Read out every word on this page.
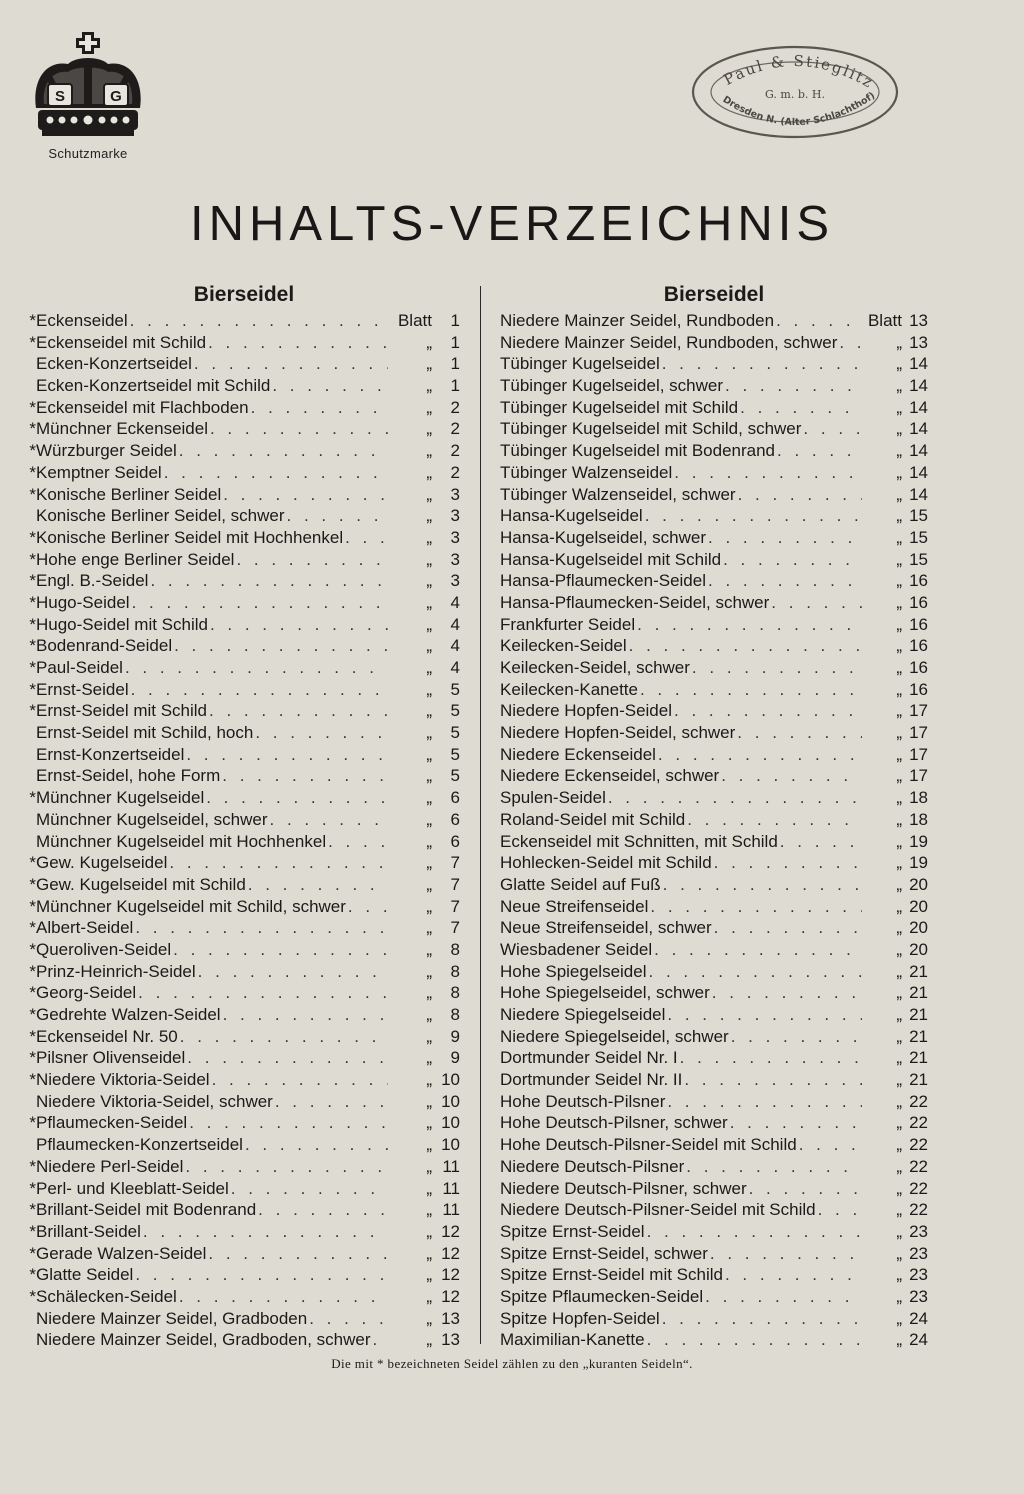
S	G
Schutzmarke
Paul & Stieglitz
G. m. b. H.
Dresden N. (Alter Schlachthof)
INHALTS-VERZEICHNIS
Bierseidel
*Eckenseidel . . .	Blatt	1
*Eckenseidel mit Schild . . .	„	1
Ecken-Konzertseidel . . .	„	1
Ecken-Konzertseidel mit Schild . . .	„	1
*Eckenseidel mit Flachboden . . .	„	2
*Münchner Eckenseidel . . .	„	2
*Würzburger Seidel . . .	„	2
*Kemptner Seidel . . .	„	2
*Konische Berliner Seidel . . .	„	3
Konische Berliner Seidel, schwer . . .	„	3
*Konische Berliner Seidel mit Hochhenkel . . .	„	3
*Hohe enge Berliner Seidel . . .	„	3
*Engl. B.-Seidel . . .	„	3
*Hugo-Seidel . . .	„	4
*Hugo-Seidel mit Schild . . .	„	4
*Bodenrand-Seidel . . .	„	4
*Paul-Seidel . . .	„	4
*Ernst-Seidel . . .	„	5
*Ernst-Seidel mit Schild . . .	„	5
Ernst-Seidel mit Schild, hoch . . .	„	5
Ernst-Konzertseidel . . .	„	5
Ernst-Seidel, hohe Form . . .	„	5
*Münchner Kugelseidel . . .	„	6
Münchner Kugelseidel, schwer . . .	„	6
Münchner Kugelseidel mit Hochhenkel . . .	„	6
*Gew. Kugelseidel . . .	„	7
*Gew. Kugelseidel mit Schild . . .	„	7
*Münchner Kugelseidel mit Schild, schwer . . .	„	7
*Albert-Seidel . . .	„	7
*Queroliven-Seidel . . .	„	8
*Prinz-Heinrich-Seidel . . .	„	8
*Georg-Seidel . . .	„	8
*Gedrehte Walzen-Seidel . . .	„	8
*Eckenseidel Nr. 50 . . .	„	9
*Pilsner Olivenseidel . . .	„	9
*Niedere Viktoria-Seidel . . .	„ 10
Niedere Viktoria-Seidel, schwer . . .	„ 10
*Pflaumecken-Seidel . . .	„ 10
Pflaumecken-Konzertseidel . . .	„ 10
*Niedere Perl-Seidel . . .	„ 11
*Perl- und Kleeblatt-Seidel . . .	„ 11
*Brillant-Seidel mit Bodenrand . . .	„ 11
*Brillant-Seidel . . .	„ 12
*Gerade Walzen-Seidel . . .	„ 12
*Glatte Seidel . . .	„ 12
*Schälecken-Seidel . . .	„ 12
Niedere Mainzer Seidel, Gradboden . . .	„ 13
Niedere Mainzer Seidel, Gradboden, schwer . . .	„ 13
Bierseidel
Niedere Mainzer Seidel, Rundboden . . .	Blatt 13
Niedere Mainzer Seidel, Rundboden, schwer . . .	„ 13
Tübinger Kugelseidel . . .	„ 14
Tübinger Kugelseidel, schwer . . .	„ 14
Tübinger Kugelseidel mit Schild . . .	„ 14
Tübinger Kugelseidel mit Schild, schwer . . .	„ 14
Tübinger Kugelseidel mit Bodenrand . . .	„ 14
Tübinger Walzenseidel . . .	„ 14
Tübinger Walzenseidel, schwer . . .	„ 14
Hansa-Kugelseidel . . .	„ 15
Hansa-Kugelseidel, schwer . . .	„ 15
Hansa-Kugelseidel mit Schild . . .	„ 15
Hansa-Pflaumecken-Seidel . . .	„ 16
Hansa-Pflaumecken-Seidel, schwer . . .	„ 16
Frankfurter Seidel . . .	„ 16
Keilecken-Seidel . . .	„ 16
Keilecken-Seidel, schwer . . .	„ 16
Keilecken-Kanette . . .	„ 16
Niedere Hopfen-Seidel . . .	„ 17
Niedere Hopfen-Seidel, schwer . . .	„ 17
Niedere Eckenseidel . . .	„ 17
Niedere Eckenseidel, schwer . . .	„ 17
Spulen-Seidel . . .	„ 18
Roland-Seidel mit Schild . . .	„ 18
Eckenseidel mit Schnitten, mit Schild . . .	„ 19
Hohlecken-Seidel mit Schild . . .	„ 19
Glatte Seidel auf Fuß . . .	„ 20
Neue Streifenseidel . . .	„ 20
Neue Streifenseidel, schwer . . .	„ 20
Wiesbadener Seidel . . .	„ 20
Hohe Spiegelseidel . . .	„ 21
Hohe Spiegelseidel, schwer . . .	„ 21
Niedere Spiegelseidel . . .	„ 21
Niedere Spiegelseidel, schwer . . .	„ 21
Dortmunder Seidel Nr. I . . .	„ 21
Dortmunder Seidel Nr. II . . .	„ 21
Hohe Deutsch-Pilsner . . .	„ 22
Hohe Deutsch-Pilsner, schwer . . .	„ 22
Hohe Deutsch-Pilsner-Seidel mit Schild . . .	„ 22
Niedere Deutsch-Pilsner . . .	„ 22
Niedere Deutsch-Pilsner, schwer . . .	„ 22
Niedere Deutsch-Pilsner-Seidel mit Schild . . .	„ 22
Spitze Ernst-Seidel . . .	„ 23
Spitze Ernst-Seidel, schwer . . .	„ 23
Spitze Ernst-Seidel mit Schild . . .	„ 23
Spitze Pflaumecken-Seidel . . .	„ 23
Spitze Hopfen-Seidel . . .	„ 24
Maximilian-Kanette . . .	„ 24
Die mit * bezeichneten Seidel zählen zu den „kuranten Seideln“.
